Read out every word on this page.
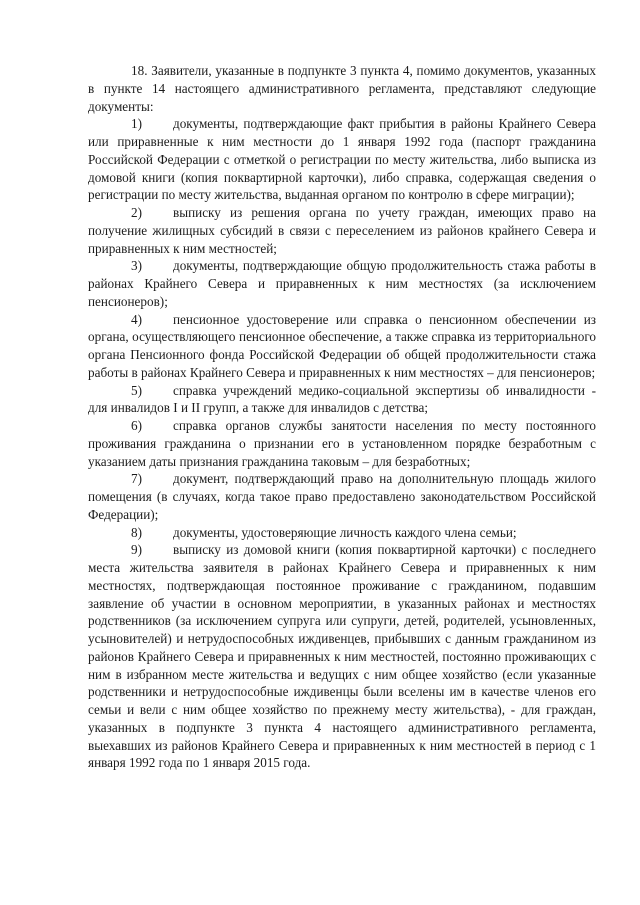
18. Заявители, указанные в подпункте 3 пункта 4, помимо документов, указанных в пункте 14 настоящего административного регламента, представляют следующие документы:

1) документы, подтверждающие факт прибытия в районы Крайнего Севера или приравненные к ним местности до 1 января 1992 года (паспорт гражданина Российской Федерации с отметкой о регистрации по месту жительства, либо выписка из домовой книги (копия поквартирной карточки), либо справка, содержащая сведения о регистрации по месту жительства, выданная органом по контролю в сфере миграции);

2) выписку из решения органа по учету граждан, имеющих право на получение жилищных субсидий в связи с переселением из районов крайнего Севера и приравненных к ним местностей;

3) документы, подтверждающие общую продолжительность стажа работы в районах Крайнего Севера и приравненных к ним местностях (за исключением пенсионеров);

4) пенсионное удостоверение или справка о пенсионном обеспечении из органа, осуществляющего пенсионное обеспечение, а также справка из территориального органа Пенсионного фонда Российской Федерации об общей продолжительности стажа работы в районах Крайнего Севера и приравненных к ним местностях – для пенсионеров;

5) справка учреждений медико-социальной экспертизы об инвалидности - для инвалидов I и II групп, а также для инвалидов с детства;

6) справка органов службы занятости населения по месту постоянного проживания гражданина о признании его в установленном порядке безработным с указанием даты признания гражданина таковым – для безработных;

7) документ, подтверждающий право на дополнительную площадь жилого помещения (в случаях, когда такое право предоставлено законодательством Российской Федерации);

8) документы, удостоверяющие личность каждого члена семьи;

9) выписку из домовой книги (копия поквартирной карточки) с последнего места жительства заявителя в районах Крайнего Севера и приравненных к ним местностях, подтверждающая постоянное проживание с гражданином, подавшим заявление об участии в основном мероприятии, в указанных районах и местностях родственников (за исключением супруга или супруги, детей, родителей, усыновленных, усыновителей) и нетрудоспособных иждивенцев, прибывших с данным гражданином из районов Крайнего Севера и приравненных к ним местностей, постоянно проживающих с ним в избранном месте жительства и ведущих с ним общее хозяйство (если указанные родственники и нетрудоспособные иждивенцы были вселены им в качестве членов его семьи и вели с ним общее хозяйство по прежнему месту жительства), - для граждан, указанных в подпункте 3 пункта 4 настоящего административного регламента, выехавших из районов Крайнего Севера и приравненных к ним местностей в период с 1 января 1992 года по 1 января 2015 года.
